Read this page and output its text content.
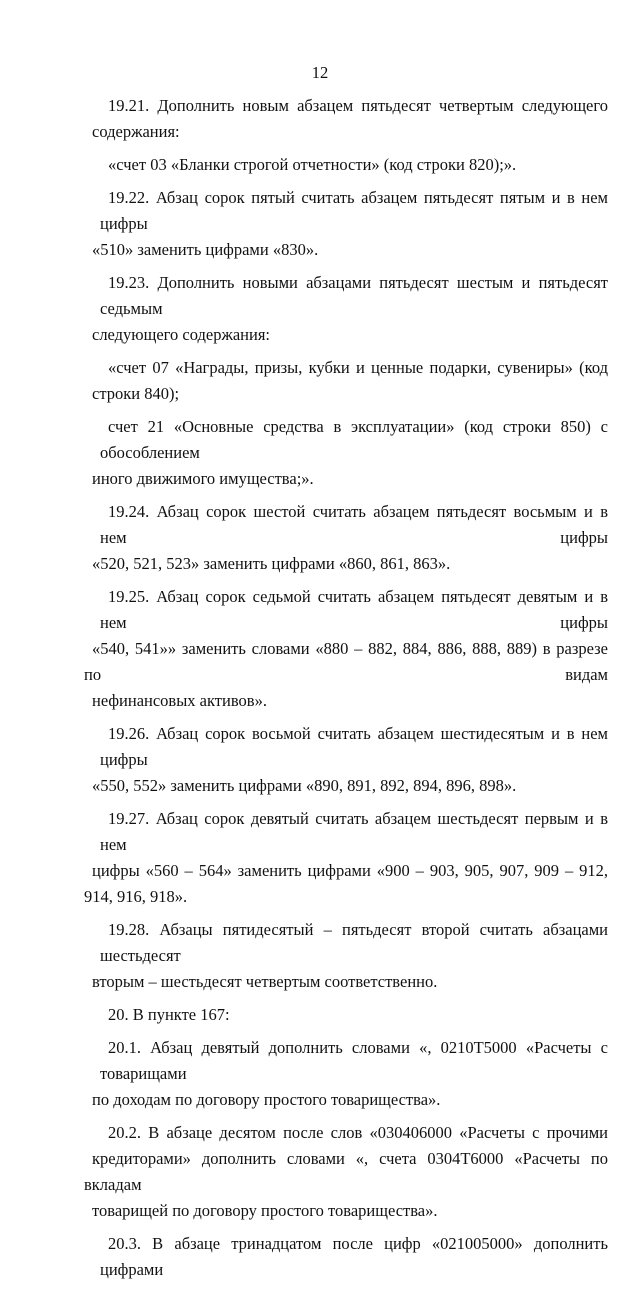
12
19.21. Дополнить новым абзацем пятьдесят четвертым следующего
содержания:
«счет 03 «Бланки строгой отчетности» (код строки 820);».
19.22. Абзац сорок пятый считать абзацем пятьдесят пятым и в нем цифры
«510» заменить цифрами «830».
19.23. Дополнить новыми абзацами пятьдесят шестым и пятьдесят седьмым
следующего содержания:
«счет 07 «Награды, призы, кубки и ценные подарки, сувениры» (код
строки 840);
счет 21 «Основные средства в эксплуатации» (код строки 850) с обособлением
иного движимого имущества;».
19.24. Абзац сорок шестой считать абзацем пятьдесят восьмым и в нем цифры
«520, 521, 523» заменить цифрами «860, 861, 863».
19.25. Абзац сорок седьмой считать абзацем пятьдесят девятым и в нем цифры
«540, 541»» заменить словами «880 – 882, 884, 886, 888, 889) в разрезе по видам
нефинансовых активов».
19.26. Абзац сорок восьмой считать абзацем шестидесятым и в нем цифры
«550, 552» заменить цифрами «890, 891, 892, 894, 896, 898».
19.27. Абзац сорок девятый считать абзацем шестьдесят первым и в нем
цифры «560 – 564» заменить цифрами «900 – 903, 905, 907, 909 – 912, 914, 916, 918».
19.28. Абзацы пятидесятый – пятьдесят второй считать абзацами шестьдесят
вторым – шестьдесят четвертым соответственно.
20. В пункте 167:
20.1. Абзац девятый дополнить словами «, 0210Т5000 «Расчеты с товарищами
по доходам по договору простого товарищества».
20.2. В абзаце десятом после слов «030406000 «Расчеты с прочими
кредиторами» дополнить словами «, счета 0304Т6000 «Расчеты по вкладам
товарищей по договору простого товарищества».
20.3. В абзаце тринадцатом после цифр «021005000» дополнить цифрами
